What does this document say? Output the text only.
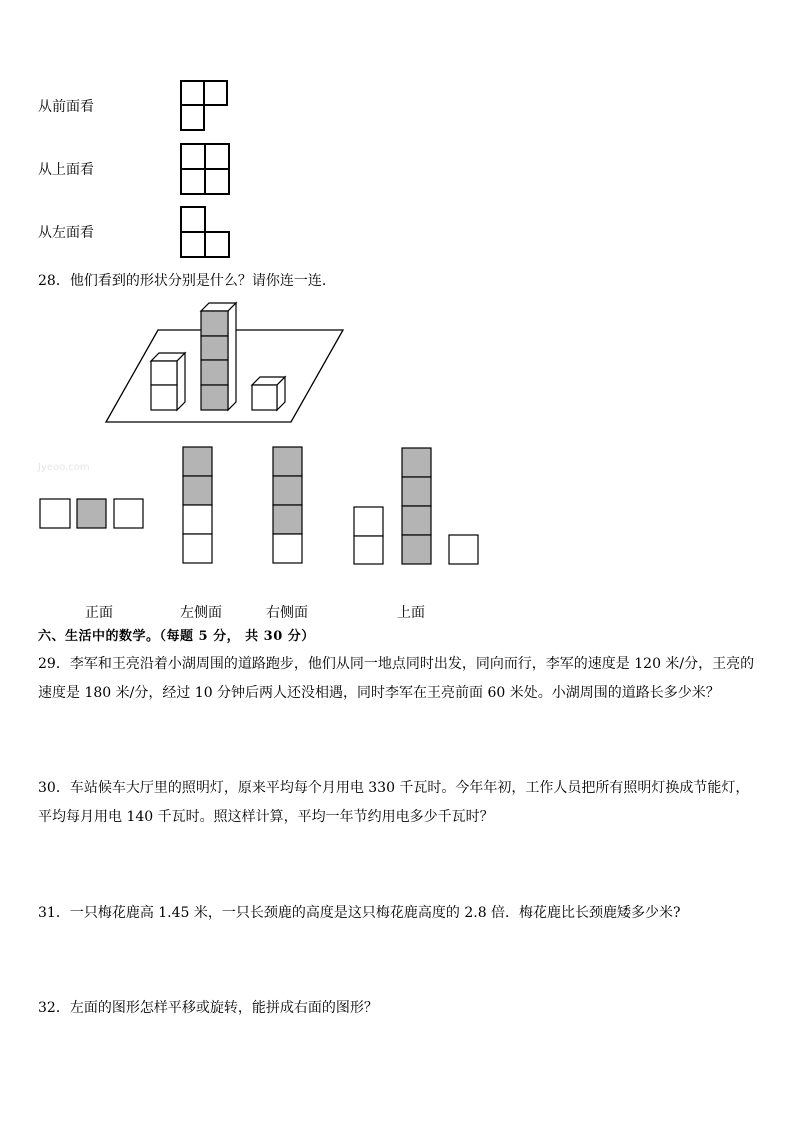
从前面看
从上面看
从左面看
28．他们看到的形状分别是什么？请你连一连.
Jyeoo.com
正面	左侧面	右侧面	上面
六、生活中的数学。（每题 5 分， 共 30 分）
29．李军和王亮沿着小湖周围的道路跑步，他们从同一地点同时出发，同向而行，李军的速度是 120 米/分，王亮的速度是 180 米/分，经过 10 分钟后两人还没相遇，同时李军在王亮前面 60 米处。小湖周围的道路长多少米？
30．车站候车大厅里的照明灯，原来平均每个月用电 330 千瓦时。今年年初，工作人员把所有照明灯换成节能灯，平均每月用电 140 千瓦时。照这样计算，平均一年节约用电多少千瓦时？
31．一只梅花鹿高 1.45 米，一只长颈鹿的高度是这只梅花鹿高度的 2.8 倍．梅花鹿比长颈鹿矮多少米?
32．左面的图形怎样平移或旋转，能拼成右面的图形？
